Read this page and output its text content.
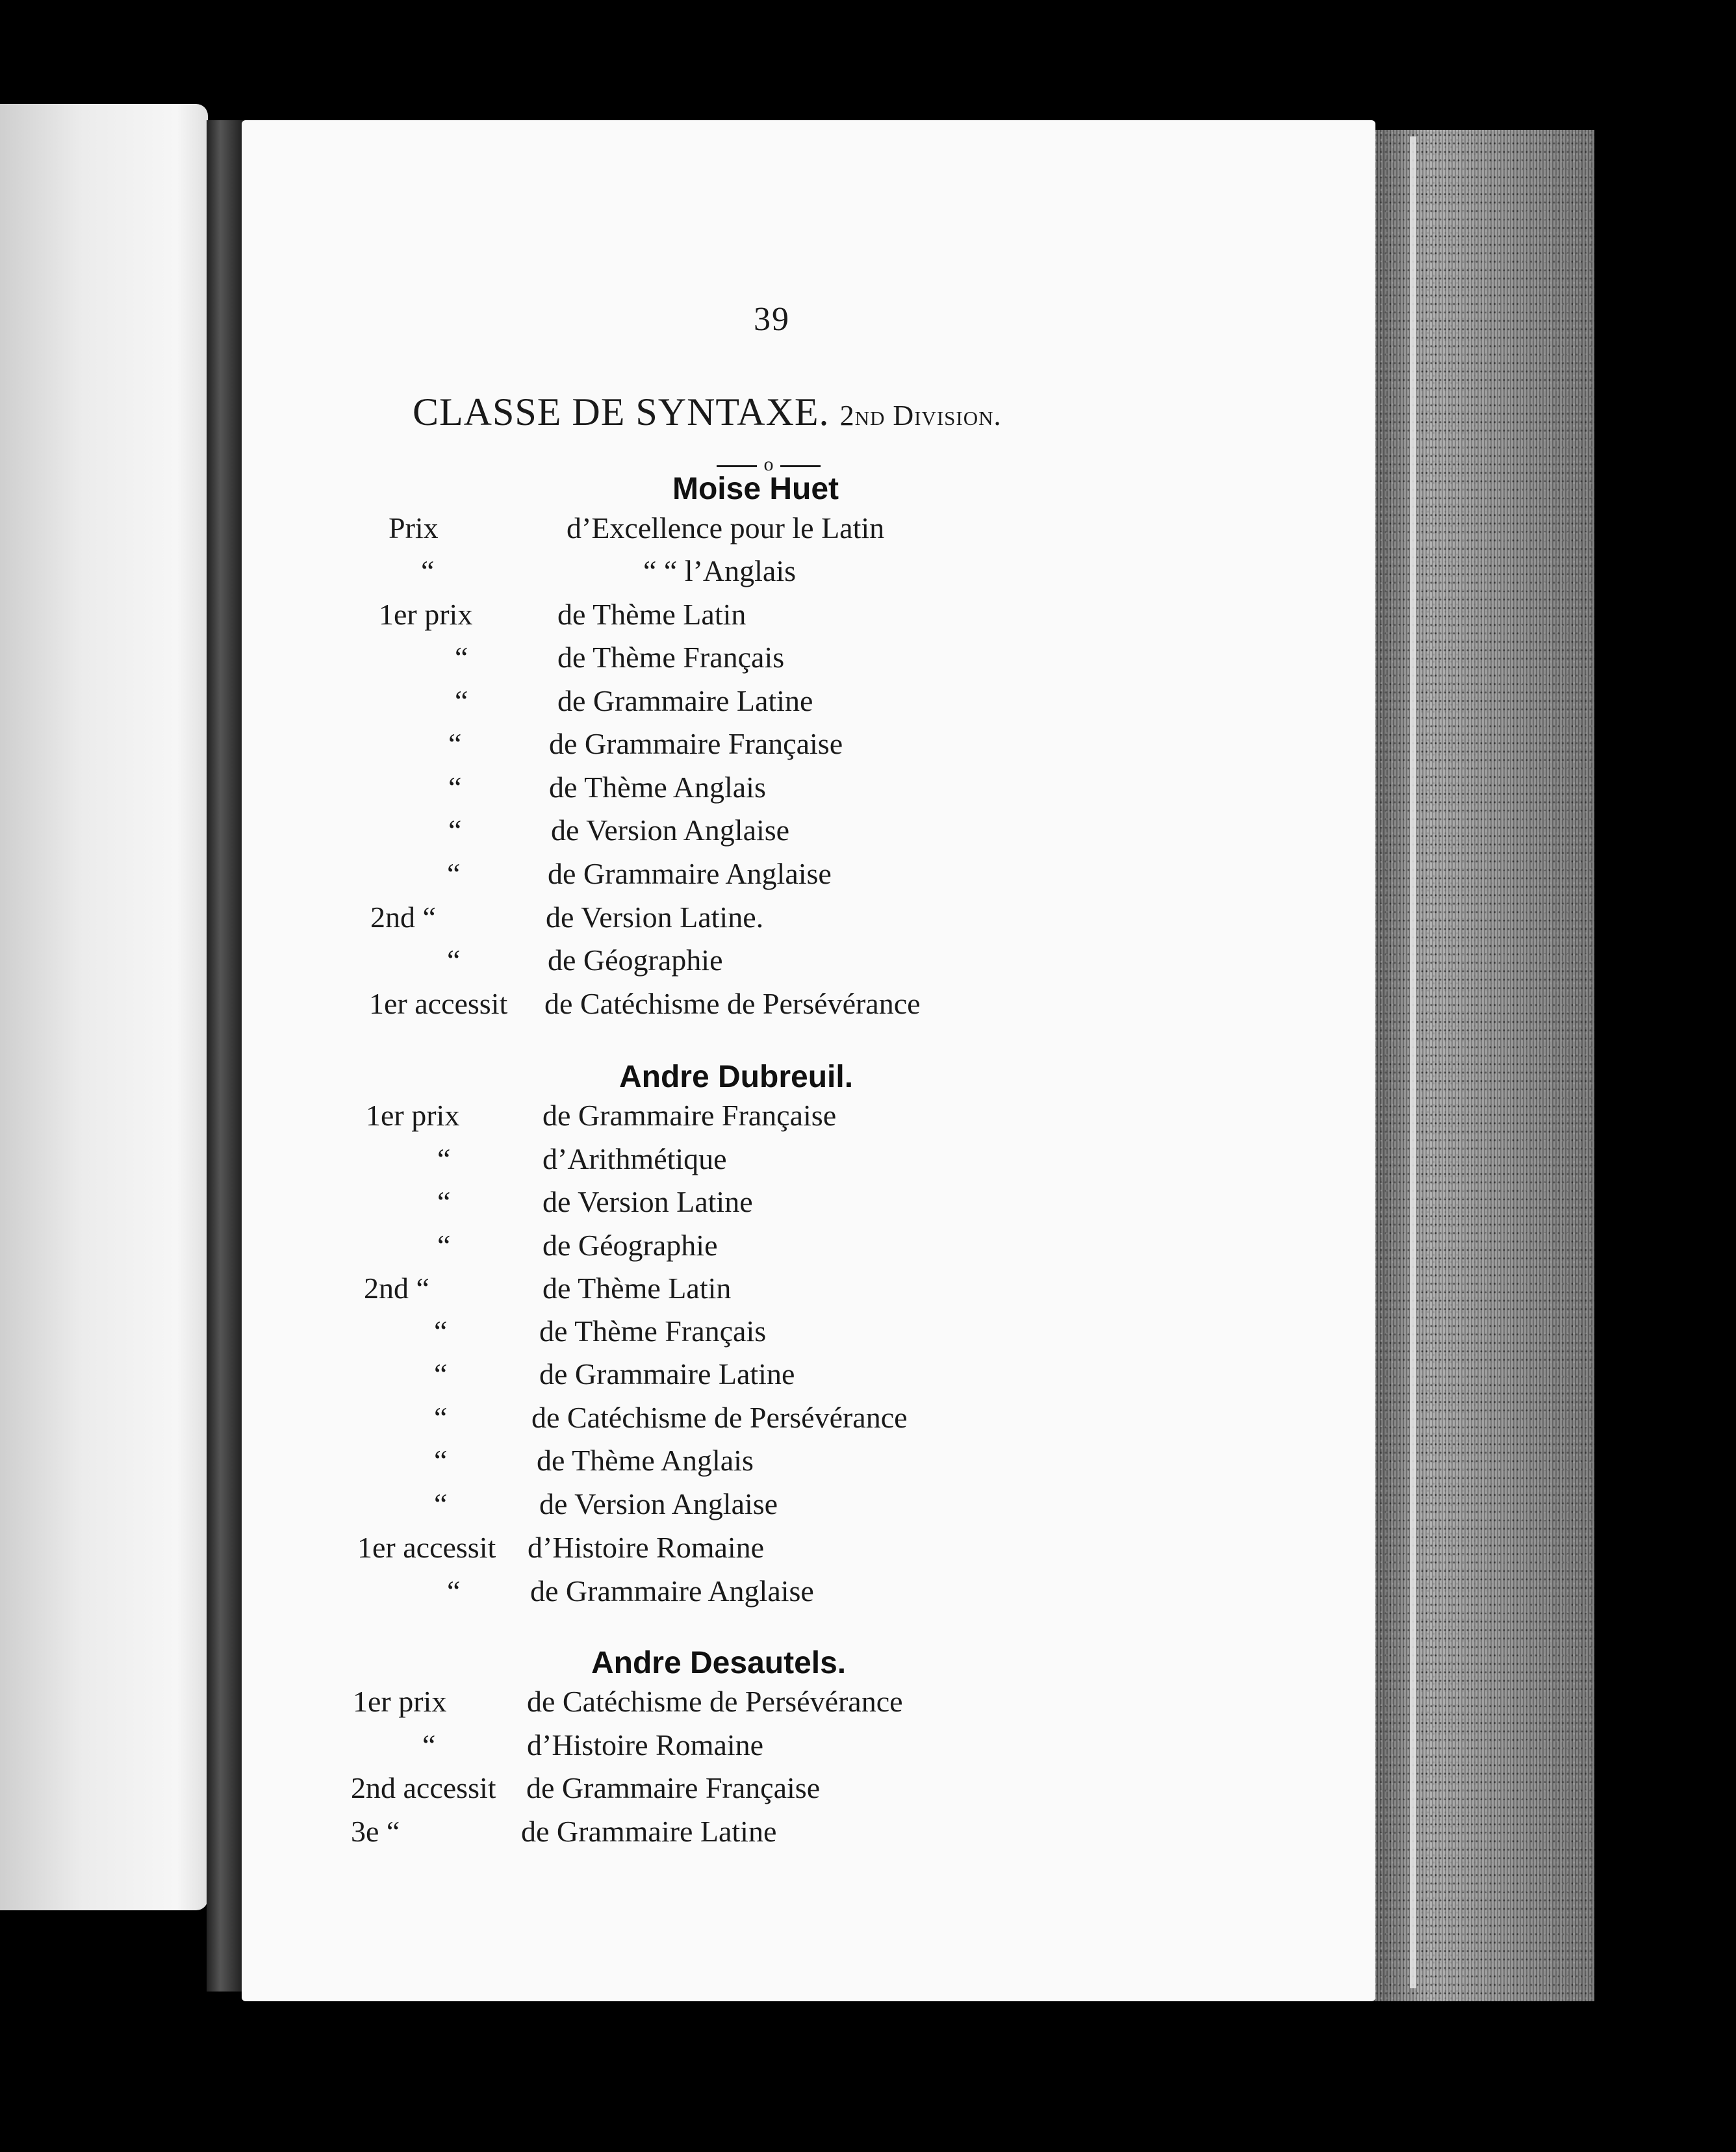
39
CLASSE DE SYNTAXE. 2nd Division.
o
Moise Huet
Prix	d’Excellence pour le Latin
“	“ “ l’Anglais
1er prix	de Thème Latin
“	de Thème Français
“	de Grammaire Latine
“	de Grammaire Française
“	de Thème Anglais
“	de Version Anglaise
“	de Grammaire Anglaise
2nd “	de Version Latine.
“	de Géographie
1er accessit de Catéchisme de Persévérance
Andre Dubreuil.
1er prix	de Grammaire Française
“	d’Arithmétique
“	de Version Latine
“	de Géographie
2nd “	de Thème Latin
“	de Thème Français
“	de Grammaire Latine
“	de Catéchisme de Persévérance
“	de Thème Anglais
“	de Version Anglaise
1er accessit d’Histoire Romaine
“ de Grammaire Anglaise
Andre Desautels.
1er prix	de Catéchisme de Persévérance
“	d’Histoire Romaine
2nd accessit de Grammaire Française
3e “	de Grammaire Latine
